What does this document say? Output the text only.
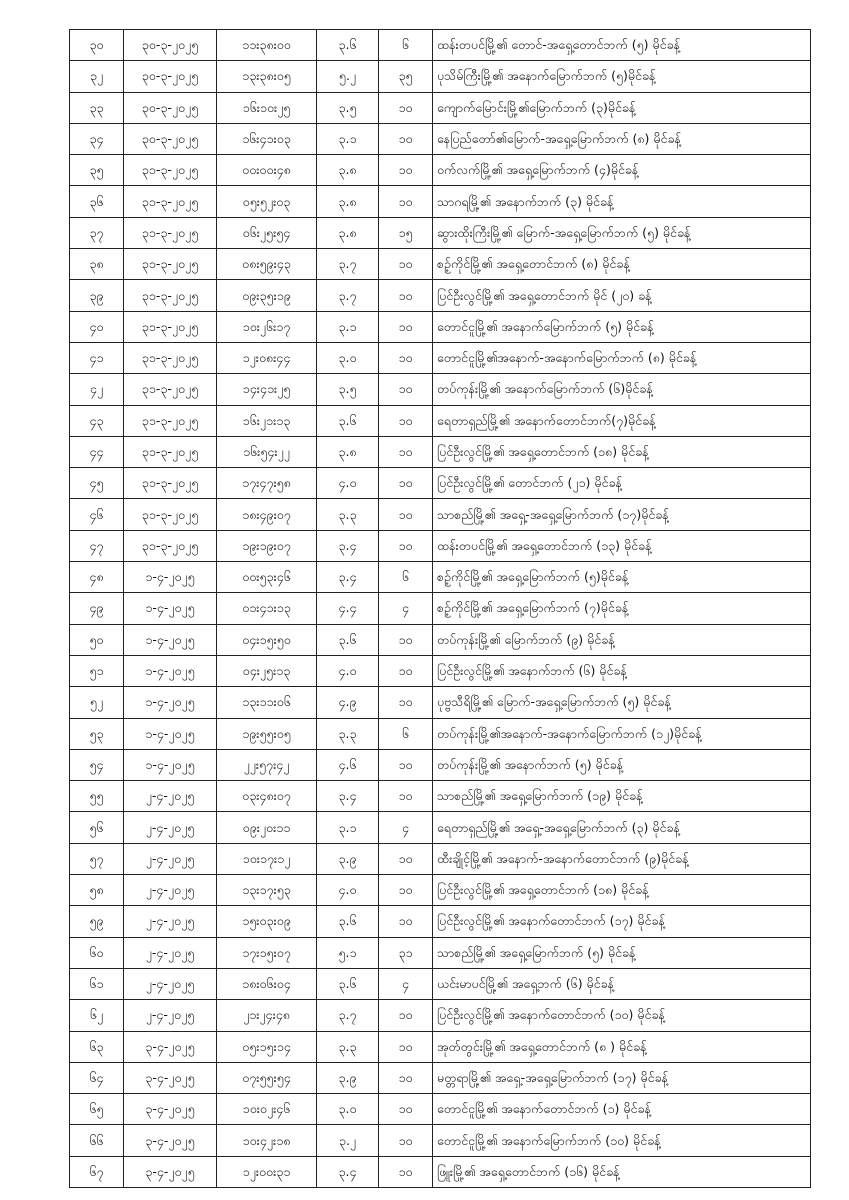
၃၀	၃၀-၃-၂၀၂၅	၁၁း၃၈း၀၀	၃.၆	၆	ထန်းတပင်မြို့၏ တောင်-အရှေ့တောင်ဘက် (၅) မိုင်ခန့်
၃၂	၃၀-၃-၂၀၂၅	၁၃း၃၈း၀၅	၅.၂	၃၅	ပုသိမ်ကြီးမြို့၏ အနောက်မြောက်ဘက် (၅)မိုင်ခန့်
၃၃	၃၀-၃-၂၀၂၅	၁၆း၁၀း၂၅	၃.၅	၁၀	ကျောက်မြောင်းမြို့၏မြောက်ဘက် (၃)မိုင်ခန့်
၃၄	၃၀-၃-၂၀၂၅	၁၆း၄၁း၀၃	၃.၁	၁၀	နေပြည်တော်၏မြောက်-အရှေ့မြောက်ဘက် (၈) မိုင်ခန့်
၃၅	၃၁-၃-၂၀၂၅	၀၀း၀၀း၄၈	၃.၈	၁၀	ဝက်လက်မြို့၏ အရှေ့မြောက်ဘက် (၄)မိုင်ခန့်
၃၆	၃၁-၃-၂၀၂၅	၀၅း၅၂း၀၃	၃.၈	၁၀	သာဂရမြို့၏ အနောက်ဘက် (၃) မိုင်ခန့်
၃၇	၃၁-၃-၂၀၂၅	၀၆း၂၅း၅၄	၃.၈	၁၅	ဆွားထိုးကြီးမြို့၏ မြောက်-အရှေ့မြောက်ဘက် (၅) မိုင်ခန့်
၃၈	၃၁-၃-၂၀၂၅	၀၈း၅၉း၄၃	၃.၇	၁၀	စဥ့်ကိုင်မြို့၏ အရှေ့တောင်ဘက် (၈) မိုင်ခန့်
၃၉	၃၁-၃-၂၀၂၅	၀၉း၃၅း၁၉	၃.၇	၁၀	ပြင်ဦးလွင်မြို့၏ အရှေ့တောင်ဘက် မိုင် (၂၀) ခန့်
၄၀	၃၁-၃-၂၀၂၅	၁၀း၂၆း၁၇	၃.၁	၁၀	တောင်ငူမြို့၏ အနောက်မြောက်ဘက် (၅) မိုင်ခန့်
၄၁	၃၁-၃-၂၀၂၅	၁၂း၀၈း၄၄	၃.၀	၁၀	တောင်ငူမြို့၏အနောက်-အနောက်မြောက်ဘက် (၈) မိုင်ခန့်
၄၂	၃၁-၃-၂၀၂၅	၁၄း၄၁း၂၅	၃.၅	၁၀	တပ်ကုန်းမြို့၏ အနောက်မြောက်ဘက် (၆)မိုင်ခန့်
၄၃	၃၁-၃-၂၀၂၅	၁၆း၂၁း၁၃	၃.၆	၁၀	ရေတာရှည်မြို့၏ အနောက်တောင်ဘက်(၇)မိုင်ခန့်
၄၄	၃၁-၃-၂၀၂၅	၁၆း၅၄း၂၂	၃.၈	၁၀	ပြင်ဦးလွင်မြို့၏ အရှေ့တောင်ဘက် (၁၈) မိုင်ခန့်
၄၅	၃၁-၃-၂၀၂၅	၁၇း၄၇း၅၈	၄.၀	၁၀	ပြင်ဦးလွင်မြို့၏ တောင်ဘက် (၂၁) မိုင်ခန့်
၄၆	၃၁-၃-၂၀၂၅	၁၈း၄၉း၀၇	၃.၃	၁၀	သာစည်မြို့၏ အရှေ့-အရှေ့မြောက်ဘက် (၁၇)မိုင်ခန့်
၄၇	၃၁-၃-၂၀၂၅	၁၉း၁၉း၀၇	၃.၄	၁၀	ထန်းတပင်မြို့၏ အရှေ့တောင်ဘက် (၁၃) မိုင်ခန့်
၄၈	၁-၄-၂၀၂၅	၀၀း၅၃း၄၆	၃.၄	၆	စဥ့်ကိုင်မြို့၏ အရှေ့မြောက်ဘက် (၅)မိုင်ခန့်
၄၉	၁-၄-၂၀၂၅	၀၁း၄၁း၁၃	၄.၄	၄	စဥ့်ကိုင်မြို့၏ အရှေ့မြောက်ဘက် (၇)မိုင်ခန့်
၅၀	၁-၄-၂၀၂၅	၀၄း၁၅း၅၀	၃.၆	၁၀	တပ်ကုန်းမြို့၏ မြောက်ဘက် (၉) မိုင်ခန့်
၅၁	၁-၄-၂၀၂၅	၀၄း၂၅း၁၃	၄.၀	၁၀	ပြင်ဦးလွင်မြို့၏ အနောက်ဘက် (၆) မိုင်ခန့်
၅၂	၁-၄-၂၀၂၅	၁၃း၁၁း၀၆	၄.၉	၁၀	ပုဗ္ဗသီရိမြို့၏ မြောက်-အရှေ့မြောက်ဘက် (၅) မိုင်ခန့်
၅၃	၁-၄-၂၀၂၅	၁၉း၅၅း၀၅	၃.၃	၆	တပ်ကုန်းမြို့၏အနောက်-အနောက်မြောက်ဘက် (၁၂)မိုင်ခန့်
၅၄	၁-၄-၂၀၂၅	၂၂း၅၇း၄၂	၄.၆	၁၀	တပ်ကုန်းမြို့၏ အနောက်ဘက် (၅) မိုင်ခန့်
၅၅	၂-၄-၂၀၂၅	၀၃း၄၈း၀၇	၃.၄	၁၀	သာစည်မြို့၏ အရှေ့မြောက်ဘက် (၁၉) မိုင်ခန့်
၅၆	၂-၄-၂၀၂၅	၀၉း၂၀း၁၁	၃.၁	၄	ရေတာရှည်မြို့၏ အရှေ့-အရှေ့မြောက်ဘက် (၃) မိုင်ခန့်
၅၇	၂-၄-၂၀၂၅	၁၀း၁၇း၁၂	၃.၉	၁၀	ထီးချိုင့်မြို့၏ အနောက်-အနောက်တောင်ဘက် (၉)မိုင်ခန့်
၅၈	၂-၄-၂၀၂၅	၁၃း၁၇း၅၃	၄.၀	၁၀	ပြင်ဦးလွင်မြို့၏ အရှေ့တောင်ဘက် (၁၈) မိုင်ခန့်
၅၉	၂-၄-၂၀၂၅	၁၅း၀၃း၀၉	၃.၆	၁၀	ပြင်ဦးလွင်မြို့၏ အနောက်တောင်ဘက် (၁၇) မိုင်ခန့်
၆၀	၂-၄-၂၀၂၅	၁၇း၁၅း၀၇	၅.၁	၃၁	သာစည်မြို့၏ အရှေ့မြောက်ဘက် (၅) မိုင်ခန့်
၆၁	၂-၄-၂၀၂၅	၁၈း၀၆း၀၄	၃.၆	၄	ယင်းမာပင်မြို့၏ အရှေ့ဘက် (၆) မိုင်ခန့်
၆၂	၂-၄-၂၀၂၅	၂၁း၂၄း၄၈	၃.၇	၁၀	ပြင်ဦးလွင်မြို့၏ အနောက်တောင်ဘက် (၁၀) မိုင်ခန့်
၆၃	၃-၄-၂၀၂၅	၀၅း၁၅း၁၄	၃.၃	၁၀	အုတ်တွင်းမြို့၏ အရှေ့တောင်ဘက် (၈ ) မိုင်ခန့်
၆၄	၃-၄-၂၀၂၅	၀၇း၅၅း၅၄	၃.၉	၁၀	မတ္တရာမြို့၏ အရှေ့-အရှေ့မြောက်ဘက် (၁၇) မိုင်ခန့်
၆၅	၃-၄-၂၀၂၅	၁၀း၀၂း၄၆	၃.၀	၁၀	တောင်ငူမြို့၏ အနောက်တောင်ဘက် (၁) မိုင်ခန့်
၆၆	၃-၄-၂၀၂၅	၁၀း၄၂း၁၈	၃.၂	၁၀	တောင်ငူမြို့၏ အနောက်မြောက်ဘက် (၁၀) မိုင်ခန့်
၆၇	၃-၄-၂၀၂၅	၁၂း၀၀း၃၁	၃.၄	၁၀	ဖြူးမြို့၏ အရှေ့တောင်ဘက် (၁၆) မိုင်ခန့်
